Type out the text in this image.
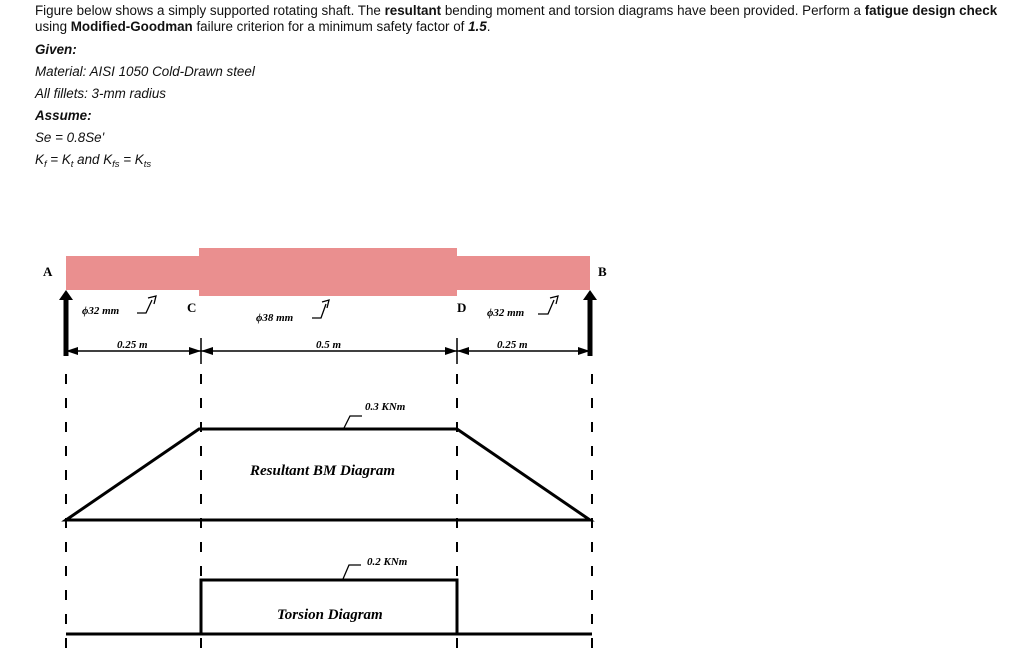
Figure below shows a simply supported rotating shaft. The resultant bending moment and torsion diagrams have been provided. Perform a fatigue design check using Modified-Goodman failure criterion for a minimum safety factor of 1.5.
Given:
Material: AISI 1050 Cold-Drawn steel
All fillets: 3-mm radius
Assume:
Se = 0.8Se'
$K_f = K_t$ and $K_{fs} = K_{ts}$
A	B
C	D
ϕ32 mm
ϕ38 mm	ϕ32 mm
0.25 m	0.5 m	0.25 m
0.3 KNm
Resultant BM Diagram
0.2 KNm
Torsion Diagram
